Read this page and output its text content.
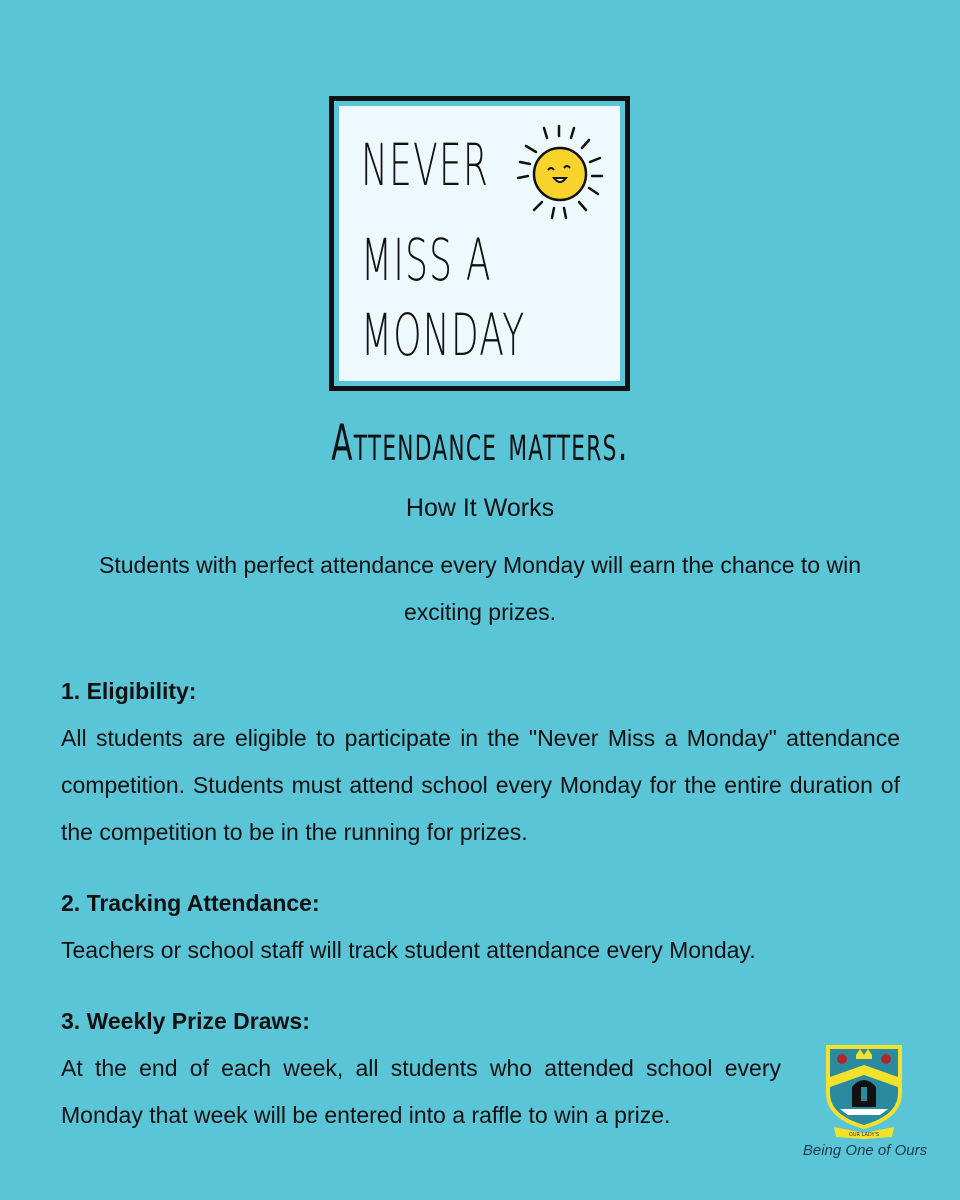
NEVER
MISS A
MONDAY
Attendance matters.
How It Works
Students with perfect attendance every Monday will earn the chance to win exciting prizes.
1. Eligibility:

All students are eligible to participate in the "Never Miss a Monday" attendance competition. Students must attend school every Monday for the entire duration of the competition to be in the running for prizes.

2. Tracking Attendance:

Teachers or school staff will track student attendance every Monday.

3. Weekly Prize Draws:

At the end of each week, all students who attended school every Monday that week will be entered into a raffle to win a prize.

OUR LADY'S
Being One of Ours
